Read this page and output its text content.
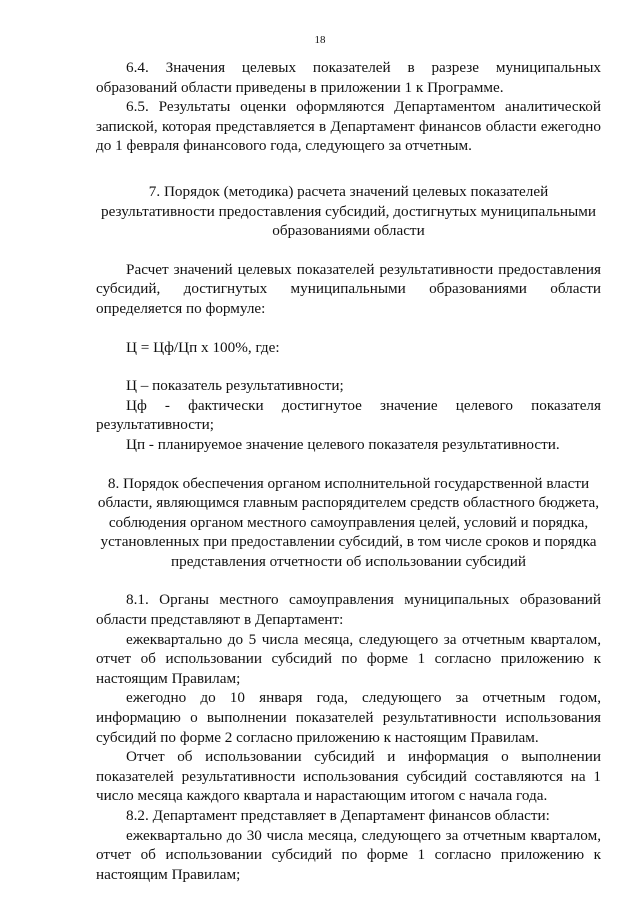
18

6.4. Значения целевых показателей в разрезе муниципальных образований области приведены в приложении 1 к Программе.

6.5. Результаты оценки оформляются Департаментом аналитической запиской, которая представляется в Департамент финансов области ежегодно до 1 февраля финансового года, следующего за отчетным.

7. Порядок (методика) расчета значений целевых показателей

результативности предоставления субсидий, достигнутых муниципальными

образованиями области

Расчет значений целевых показателей результативности предоставления субсидий, достигнутых муниципальными образованиями области определяется по формуле:

Ц = Цф/Цп х 100%, где:

Ц – показатель результативности;

Цф - фактически достигнутое значение целевого показателя результативности;

Цп - планируемое значение целевого показателя результативности.

8. Порядок обеспечения органом исполнительной государственной власти

области, являющимся главным распорядителем средств областного бюджета,

соблюдения органом местного самоуправления целей, условий и порядка,

установленных при предоставлении субсидий, в том числе сроков и порядка

представления отчетности об использовании субсидий

8.1. Органы местного самоуправления муниципальных образований области представляют в Департамент:

ежеквартально до 5 числа месяца, следующего за отчетным кварталом, отчет об использовании субсидий по форме 1 согласно приложению к настоящим Правилам;

ежегодно до 10 января года, следующего за отчетным годом, информацию о выполнении показателей результативности использования субсидий по форме 2 согласно приложению к настоящим Правилам.

Отчет об использовании субсидий и информация о выполнении показателей результативности использования субсидий составляются на 1 число месяца каждого квартала и нарастающим итогом с начала года.

8.2. Департамент представляет в Департамент финансов области:

ежеквартально до 30 числа месяца, следующего за отчетным кварталом, отчет об использовании субсидий по форме 1 согласно приложению к настоящим Правилам;
